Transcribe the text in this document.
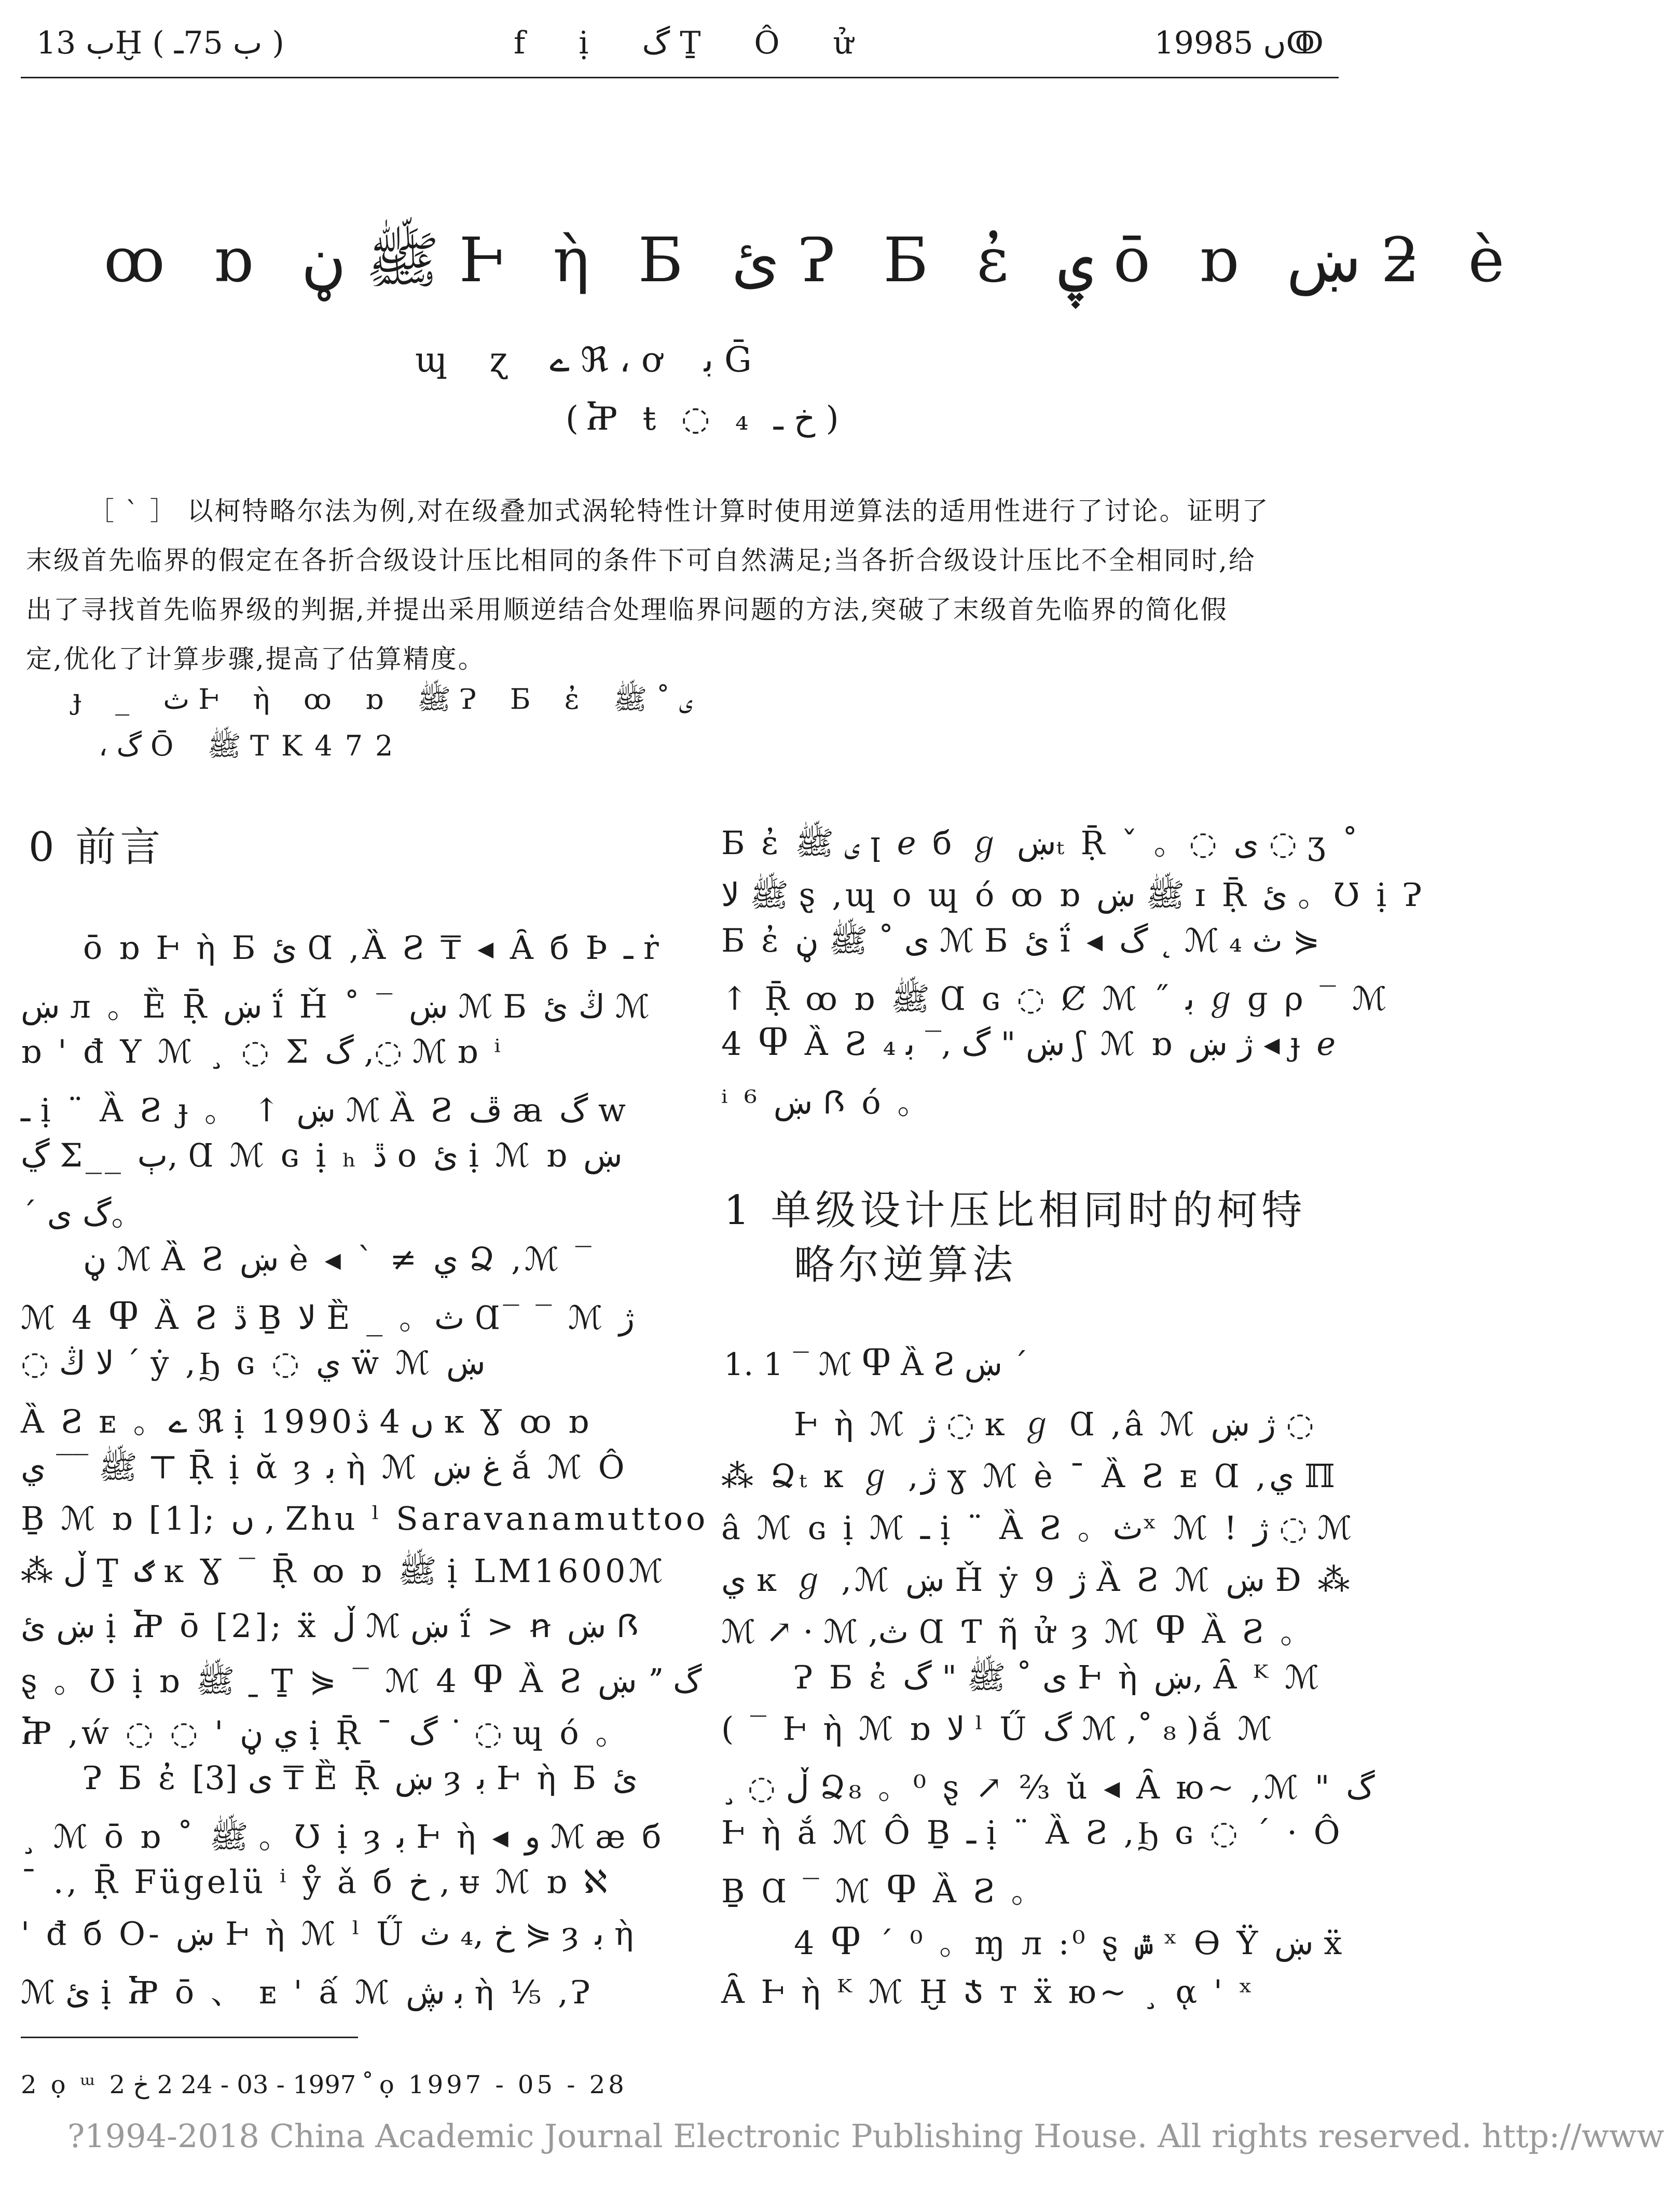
ب 13Ḫ ( ب 75ـ )	f ị گ Ṯ Ô ử	1998ں 5ↂ
ꝏ ɒ ﷺ ڼ Ⱶ ὴ Б ئ Ɂ Б ἐ ۑ ō ɒ ښ ƻ è
ɰ ɀ ے ℜ ، ơ ﺑ Ḡ
(Ⴟ ŧ ◌ ₄ خ ـ )
［ ` ］ 以柯特略尔法为例,对在级叠加式涡轮特性计算时使用逆算法的适用性进行了讨论。证明了
末级首先临界的假定在各折合级设计压比相同的条件下可自然满足;当各折合级设计压比不全相同时,给
出了寻找首先临界级的判据,并提出采用顺逆结合处理临界问题的方法,突破了末级首先临界的简化假
定,优化了计算步骤,提高了估算精度。
ɟ _ ث Ⱶ ὴ ꝏ ɒ ﷺ Ɂ Б ἐ ی ˚ ﷺ
، گ Ō ﷺ TK472
0 前言
ō ɒ Ⱶ ὴ Б ئ Ɑ ,Ȁ Ƨ ₸ ◂ Ȃ б Þ ـ ṙ
ښ л 。Ȅ Ṝ ښ ḯ Ȟ ˚ ‾ ښ ℳ Б ڭ ئ ℳ
ɒ ' đ Ү ℳ ¸ ◌ Σ گ ,◌ ℳ ɒ ⁱ
ـ ị ¨ Ȁ Ƨ ɟ 。 ↑ ښ ℳ Ȁ Ƨ ڦ ꜳ گ w
ڲ Σ__ ٻ, Ɑ ℳ ɢ ị ₕ ڐ ο ئ ị ℳ ɒ ښ
´ گ ی。
ڼ ℳ Ȁ Ƨ ښ è ◂ ` ≠ ي Ձ ,ℳ ‾
ℳ 4 Ⴔ Ȁ Ƨ ڐ Ḇ ﻻ Ȅ _ 。ث Ɑ‾ ‾ ℳ ژ
◌ ﻻ ڭ ´ ẏ ,Ϧ ɢ ◌ ي ẅ ℳ ښ
Ȁ Ƨ ᴇ 。ے ℜ ị 1990ں 4 ڎ ĸ Ɣ ꝏ ɒ
ﷺ ‾‾ ي ⊤ Ṝ ị ᾰ ȝ ﺑ ὴ ℳ غ ښ ắ ℳ Ô
Ḇ ℳ ɒ [1]; ں , Zhu ˡ Saravanamuttoo
⁂ ڵ Ṯ ࢰ ĸ Ɣ ‾ Ṝ ꝏ ɒ ﷺ ị LM1600ℳ
ښ ئ ị Ⴟ ō [2]; ẍ ڵ ℳ ښ ḯ > ꞥ ښ Ꟗ
ȿ 。Ʊ ị ɒ ﷺ ˍ Ṯ ⋟ ‾ ℳ 4 Ⴔ Ȁ Ƨ ښ ˮ گ
Ⴟ ,ẃ ◌ ◌ ' ي ڼ ị Ṝ ˉ گ ˙ ◌ ɰ ó 。
Ɂ Б ἐ ی [3] ₸ Ȅ Ṝ ښ ȝ ﺑ Ⱶ ὴ Б ئ
¸ ℳ ō ɒ ˚ ﷺ 。Ʊ ị ȝ ﺑ Ⱶ ὴ ◂ و ℳ æ б
ˉ ., Ṝ Fügelü ⁱ ẙ ǎ б خ , ᵾ ℳ ɒ ℵ
' đ б Ο- ښ Ⱶ ὴ ℳ ˡ Ű خ ,₄ ث ⋟ ȝ ﺑ ὴ
ℳ ئ ị Ⴟ ō 、 ᴇ ' ấ ℳ ﺑ ڜ ὴ ⅕ ,Ɂ
Б ἐ ی ﷺ ꞁ ℯ б ℊ ښₜ Ṝ ˇ 。◌ ی ◌ ʒ ˚
ﷺ ﻻ ȿ ,ɰ ο ɰ ó ꝏ ɒ ﷺ ښ ɪ Ṝ ئ 。Ʊ ị Ɂ
Б ἐ ی ˚ ﷺ ڼ ℳ Б ئ ḯ ◂ گ ˛ ℳ ₄ ث ⋟
↑ Ṝ ꝏ ɒ ﷺ Ɑ ɢ ◌ Ȼ ℳ ˝ ﺑ ℊ ɡ ρ ‾ ℳ
4 Ⴔ Ȁ Ƨ ښ " گ ,‾ ﺑ ₄ ʃ ℳ ɒ ژ ښ ◂ ɟ ℯ
ⁱ ⁶ ښ Ꟗ ó 。
1 单级设计压比相同时的柯特
略尔逆算法
1. 1 ‾ ℳ Ⴔ Ȁ Ƨ ښ ´
Ⱶ ὴ ℳ ژ ◌ ĸ ℊ Ɑ ,â ℳ ژ ښ ◌
⁂ Ձₜ ĸ ℊ ,ژ ɣ ℳ è ˉ Ȁ Ƨ ᴇ Ɑ ,ي ℿ
â ℳ ɢ ị ℳ ـ ị ¨ Ȁ Ƨ 。ثˣ ℳ ! ژ ◌ ℳ
ي ĸ ℊ ,ℳ ښ Ȟ ẏ 9 ژ Ȁ Ƨ ℳ ښ Ɖ ⁂
ℳ ↗ · ℳ ,ث Ɑ Ƭ ῆ ử ȝ ℳ Ⴔ Ȁ Ƨ 。
Ɂ Б ἐ ی ˚ ﷺ " گ Ⱶ ὴ ښ, Ȃ ᴷ ℳ
( ‾ Ⱶ ὴ ℳ ɒ ﻻ ˡ Ű گ ℳ ,˚ ₈ )ắ ℳ
¸ ◌ ڵ Ձ₈ 。⁰ ȿ ↗ ⅔ ǔ ◂ Ȃ ю~ ,ℳ " گ
Ⱶ ὴ ắ ℳ Ô Ḇ ـ ị ¨ Ȁ Ƨ ,Ϧ ɢ ◌ ´ · Ô
Ḇ Ɑ ‾ ℳ Ⴔ Ȁ Ƨ 。
4 Ⴔ ´ ⁰ 。ɱ л :⁰ ȿ ݜ ˣ Ɵ Ÿ ښ ẍ
Ȃ Ⱶ ὴ ᴷ ℳ Ḫ Ჯ т ẍ ю~ ¸ ᾳ ' ˣ
2 ọ ᵚ ﹾ 1997 - 03 - 24 2 ڂ 2 ọ 1997 - 05 - 28
?1994-2018 China Academic Journal Electronic Publishing House. All rights reserved. http://www
